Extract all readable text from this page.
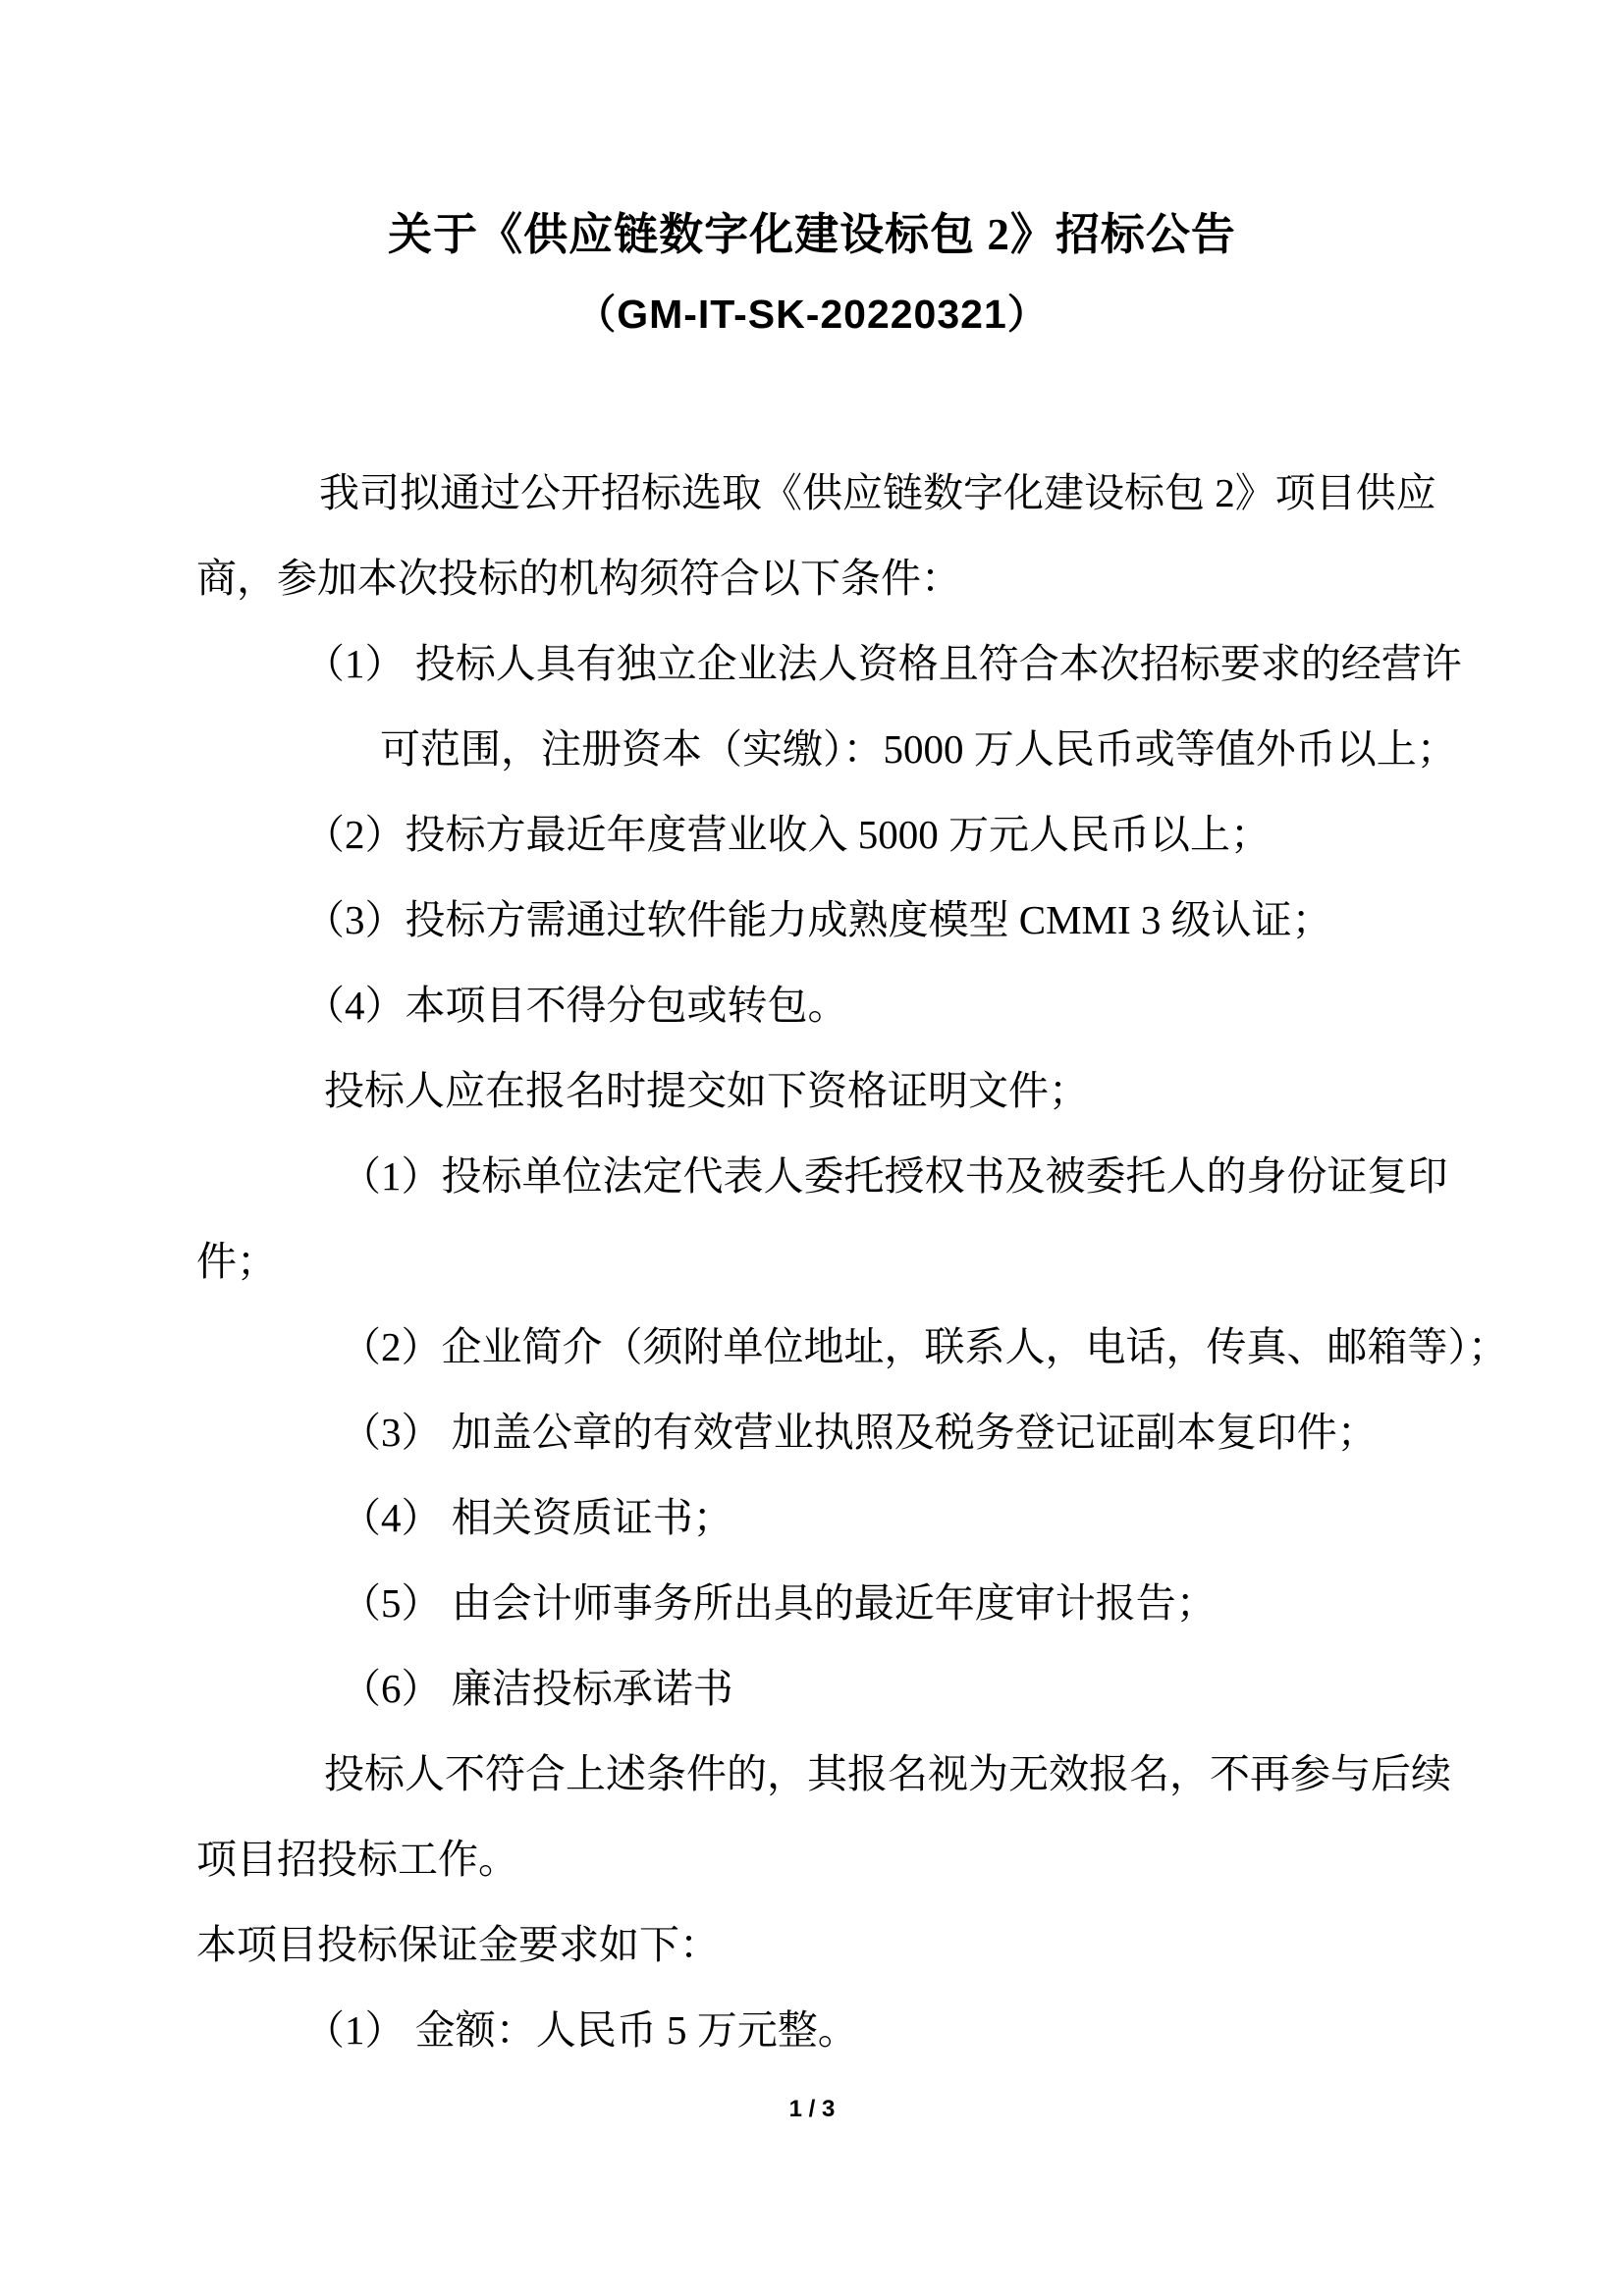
关于《供应链数字化建设标包 2》招标公告
（GM-IT-SK-20220321）
我司拟通过公开招标选取《供应链数字化建设标包 2》项目供应
商，参加本次投标的机构须符合以下条件：
（1） 投标人具有独立企业法人资格且符合本次招标要求的经营许
可范围，注册资本（实缴）：5000 万人民币或等值外币以上；
（2）投标方最近年度营业收入 5000 万元人民币以上；
（3）投标方需通过软件能力成熟度模型 CMMI 3 级认证；
（4）本项目不得分包或转包。
投标人应在报名时提交如下资格证明文件；
（1）投标单位法定代表人委托授权书及被委托人的身份证复印
件；
（2）企业简介（须附单位地址，联系人，电话，传真、邮箱等）；
（3） 加盖公章的有效营业执照及税务登记证副本复印件；
（4） 相关资质证书；
（5） 由会计师事务所出具的最近年度审计报告；
（6） 廉洁投标承诺书
投标人不符合上述条件的，其报名视为无效报名，不再参与后续
项目招投标工作。
本项目投标保证金要求如下：
（1） 金额：人民币 5 万元整。
1 / 3
